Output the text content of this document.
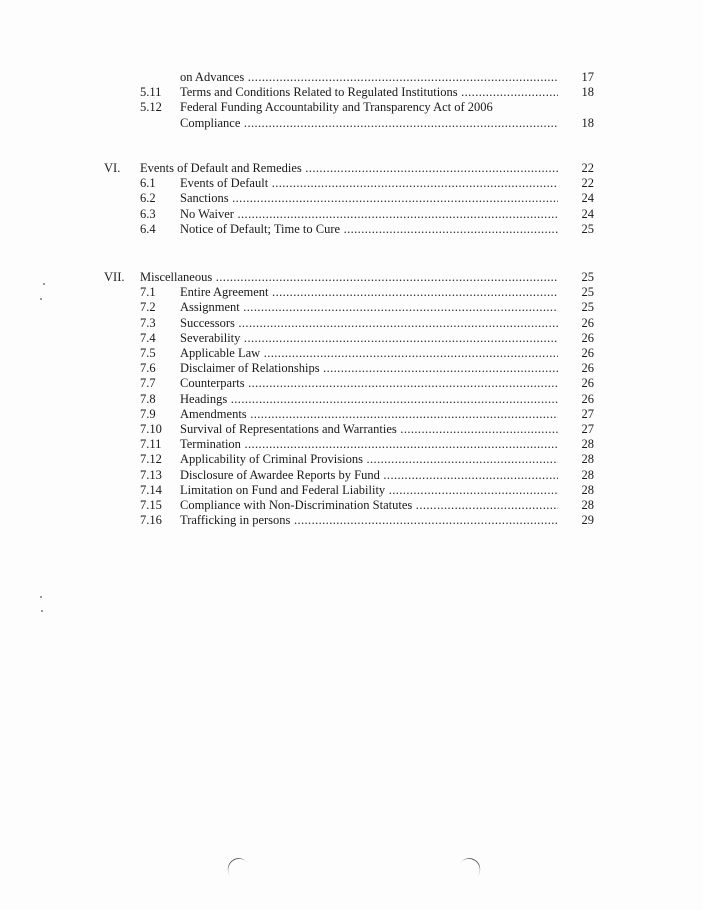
on Advances .....	17
5.11 Terms and Conditions Related to Regulated Institutions .....	18
5.12 Federal Funding Accountability and Transparency Act of 2006
Compliance .....	18
VI. Events of Default and Remedies .....	22
6.1 Events of Default .....	22
6.2 Sanctions .....	24
6.3 No Waiver .....	24
6.4 Notice of Default; Time to Cure .....	25
VII. Miscellaneous .....	25
7.1 Entire Agreement .....	25
7.2 Assignment .....	25
7.3 Successors .....	26
7.4 Severability .....	26
7.5 Applicable Law .....	26
7.6 Disclaimer of Relationships .....	26
7.7 Counterparts .....	26
7.8 Headings .....	26
7.9 Amendments .....	27
7.10 Survival of Representations and Warranties .....	27
7.11 Termination .....	28
7.12 Applicability of Criminal Provisions .....	28
7.13 Disclosure of Awardee Reports by Fund .....	28
7.14 Limitation on Fund and Federal Liability .....	28
7.15 Compliance with Non-Discrimination Statutes .....	28
7.16 Trafficking in persons .....	29
